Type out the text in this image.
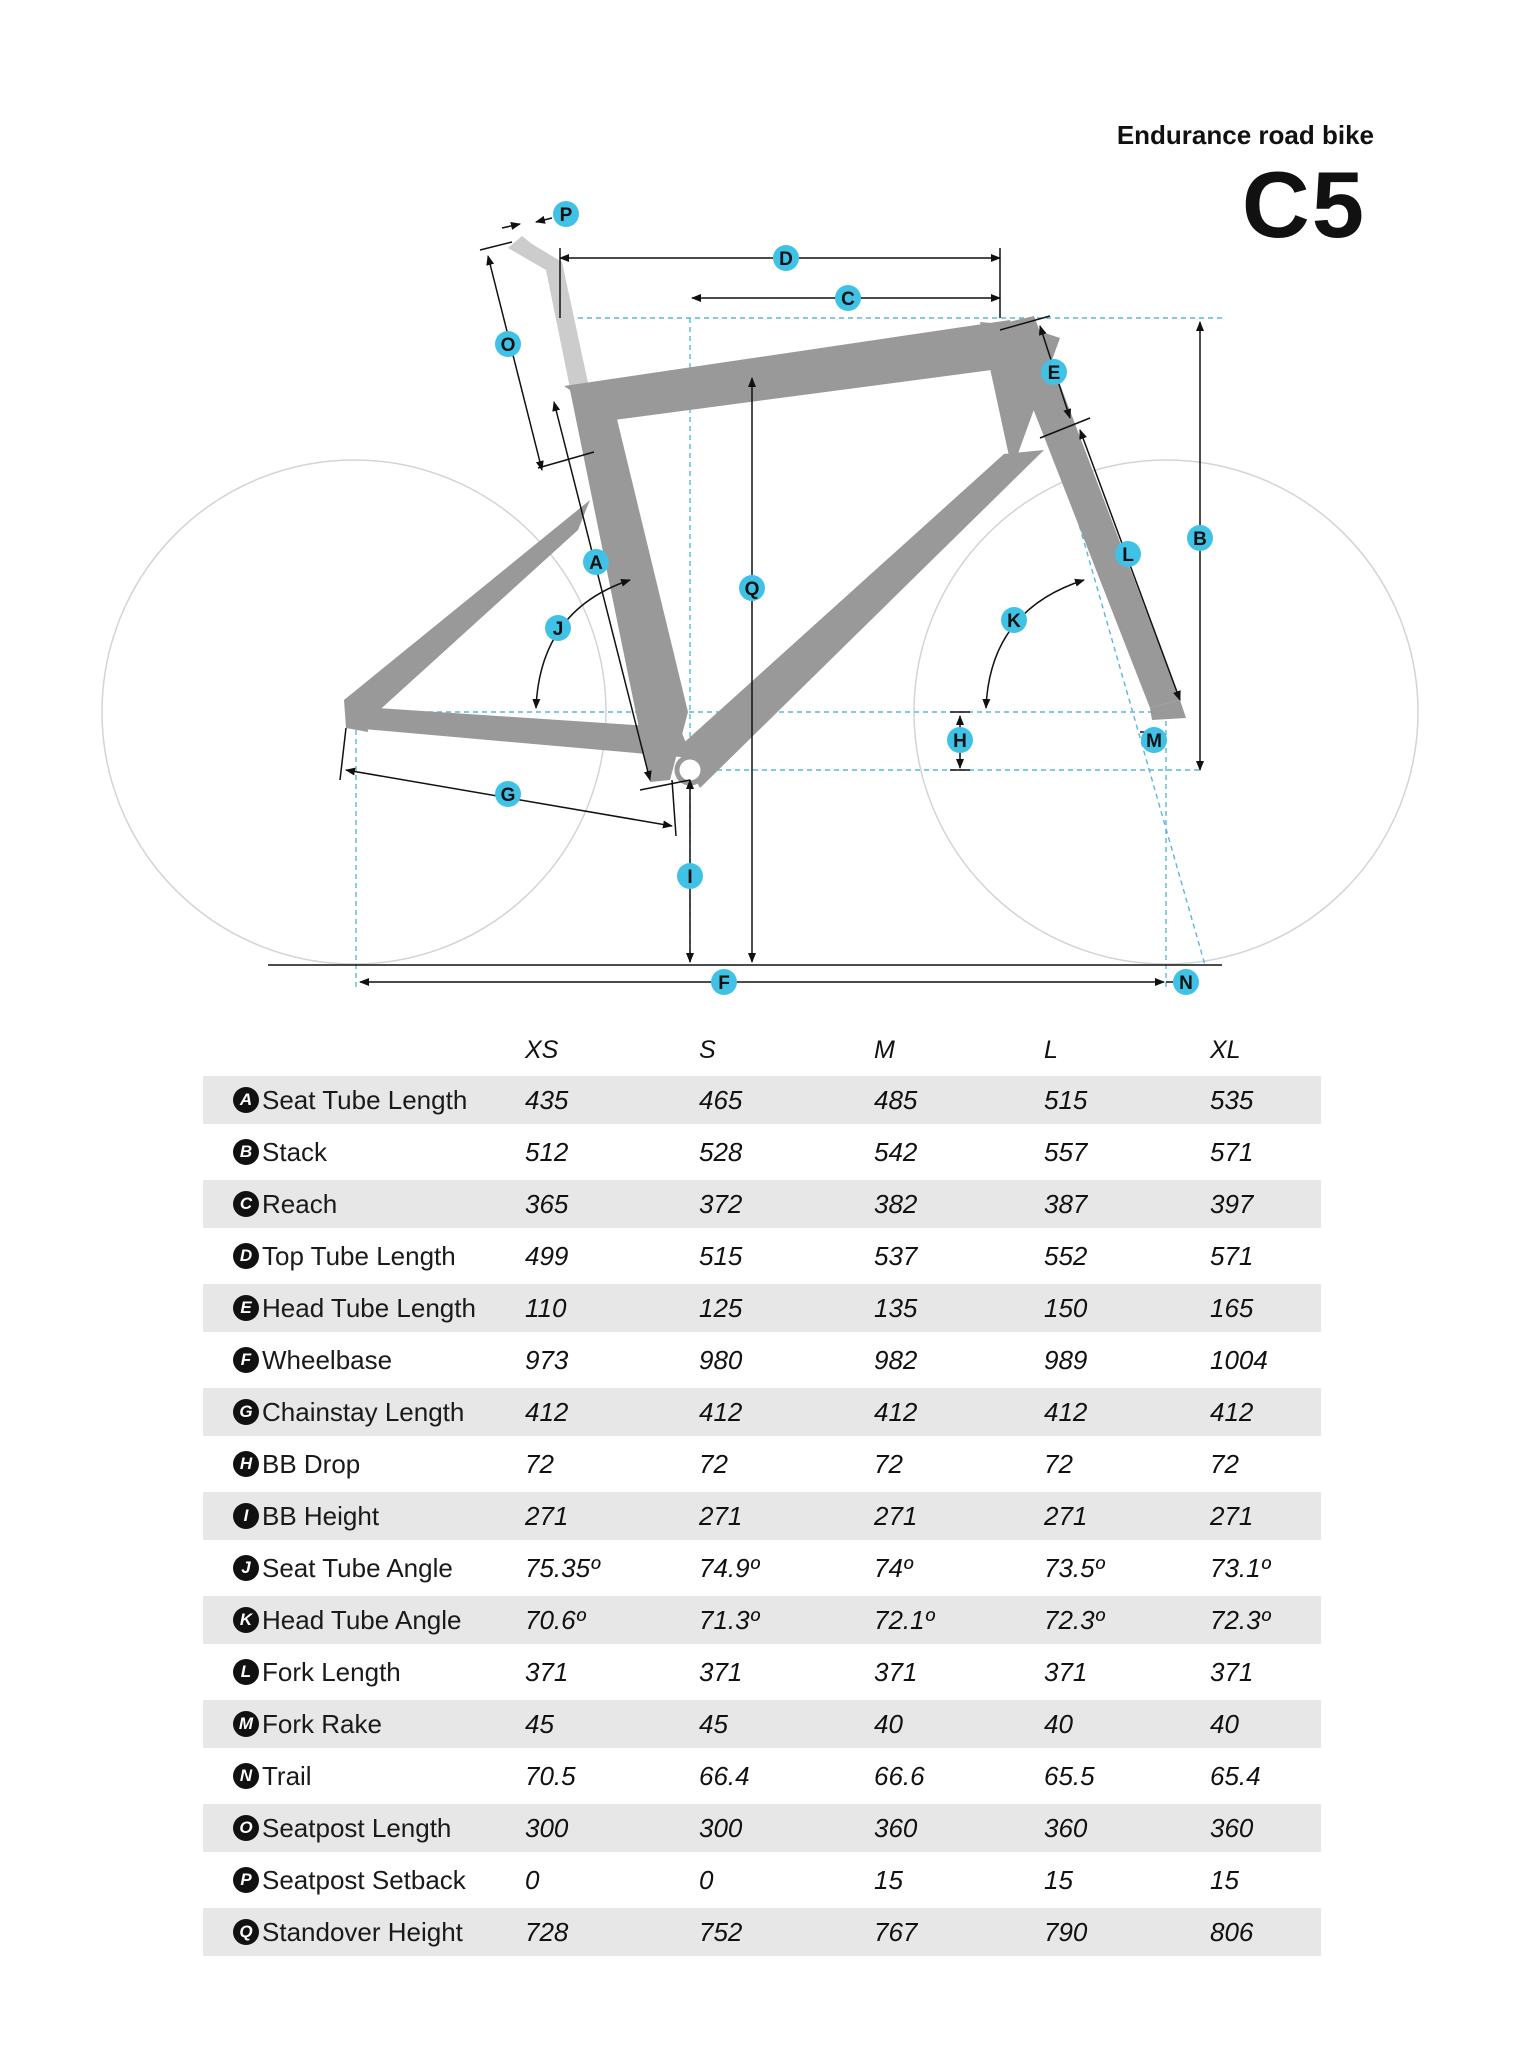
Endurance road bike
C5
A
B
C
D
E
F
G
H
I
J	K
L
M
N
O
P
Q
XS	S	M	L	XL
A Seat Tube Length 435	465	485	515	535
B Stack	512	528	542	557	571
C Reach	365	372	382	387	397
D Top Tube Length	499	515	537	552	571
E Head Tube Length 110	125	135	150	165
F Wheelbase	973	980	982	989	1004
G Chainstay Length 412	412	412	412	412
H BB Drop	72	72	72	72	72
I BB Height	271	271	271	271	271
J Seat Tube Angle	75.35º	74.9º	74º	73.5º	73.1º
K Head Tube Angle 70.6º	71.3º	72.1º	72.3º	72.3º
L Fork Length	371	371	371	371	371
M Fork Rake	45	45	40	40	40
N Trail	70.5	66.4	66.6	65.5	65.4
O Seatpost Length	300	300	360	360	360
P Seatpost Setback 0	0	15	15	15
Q Standover Height 728	752	767	790	806
